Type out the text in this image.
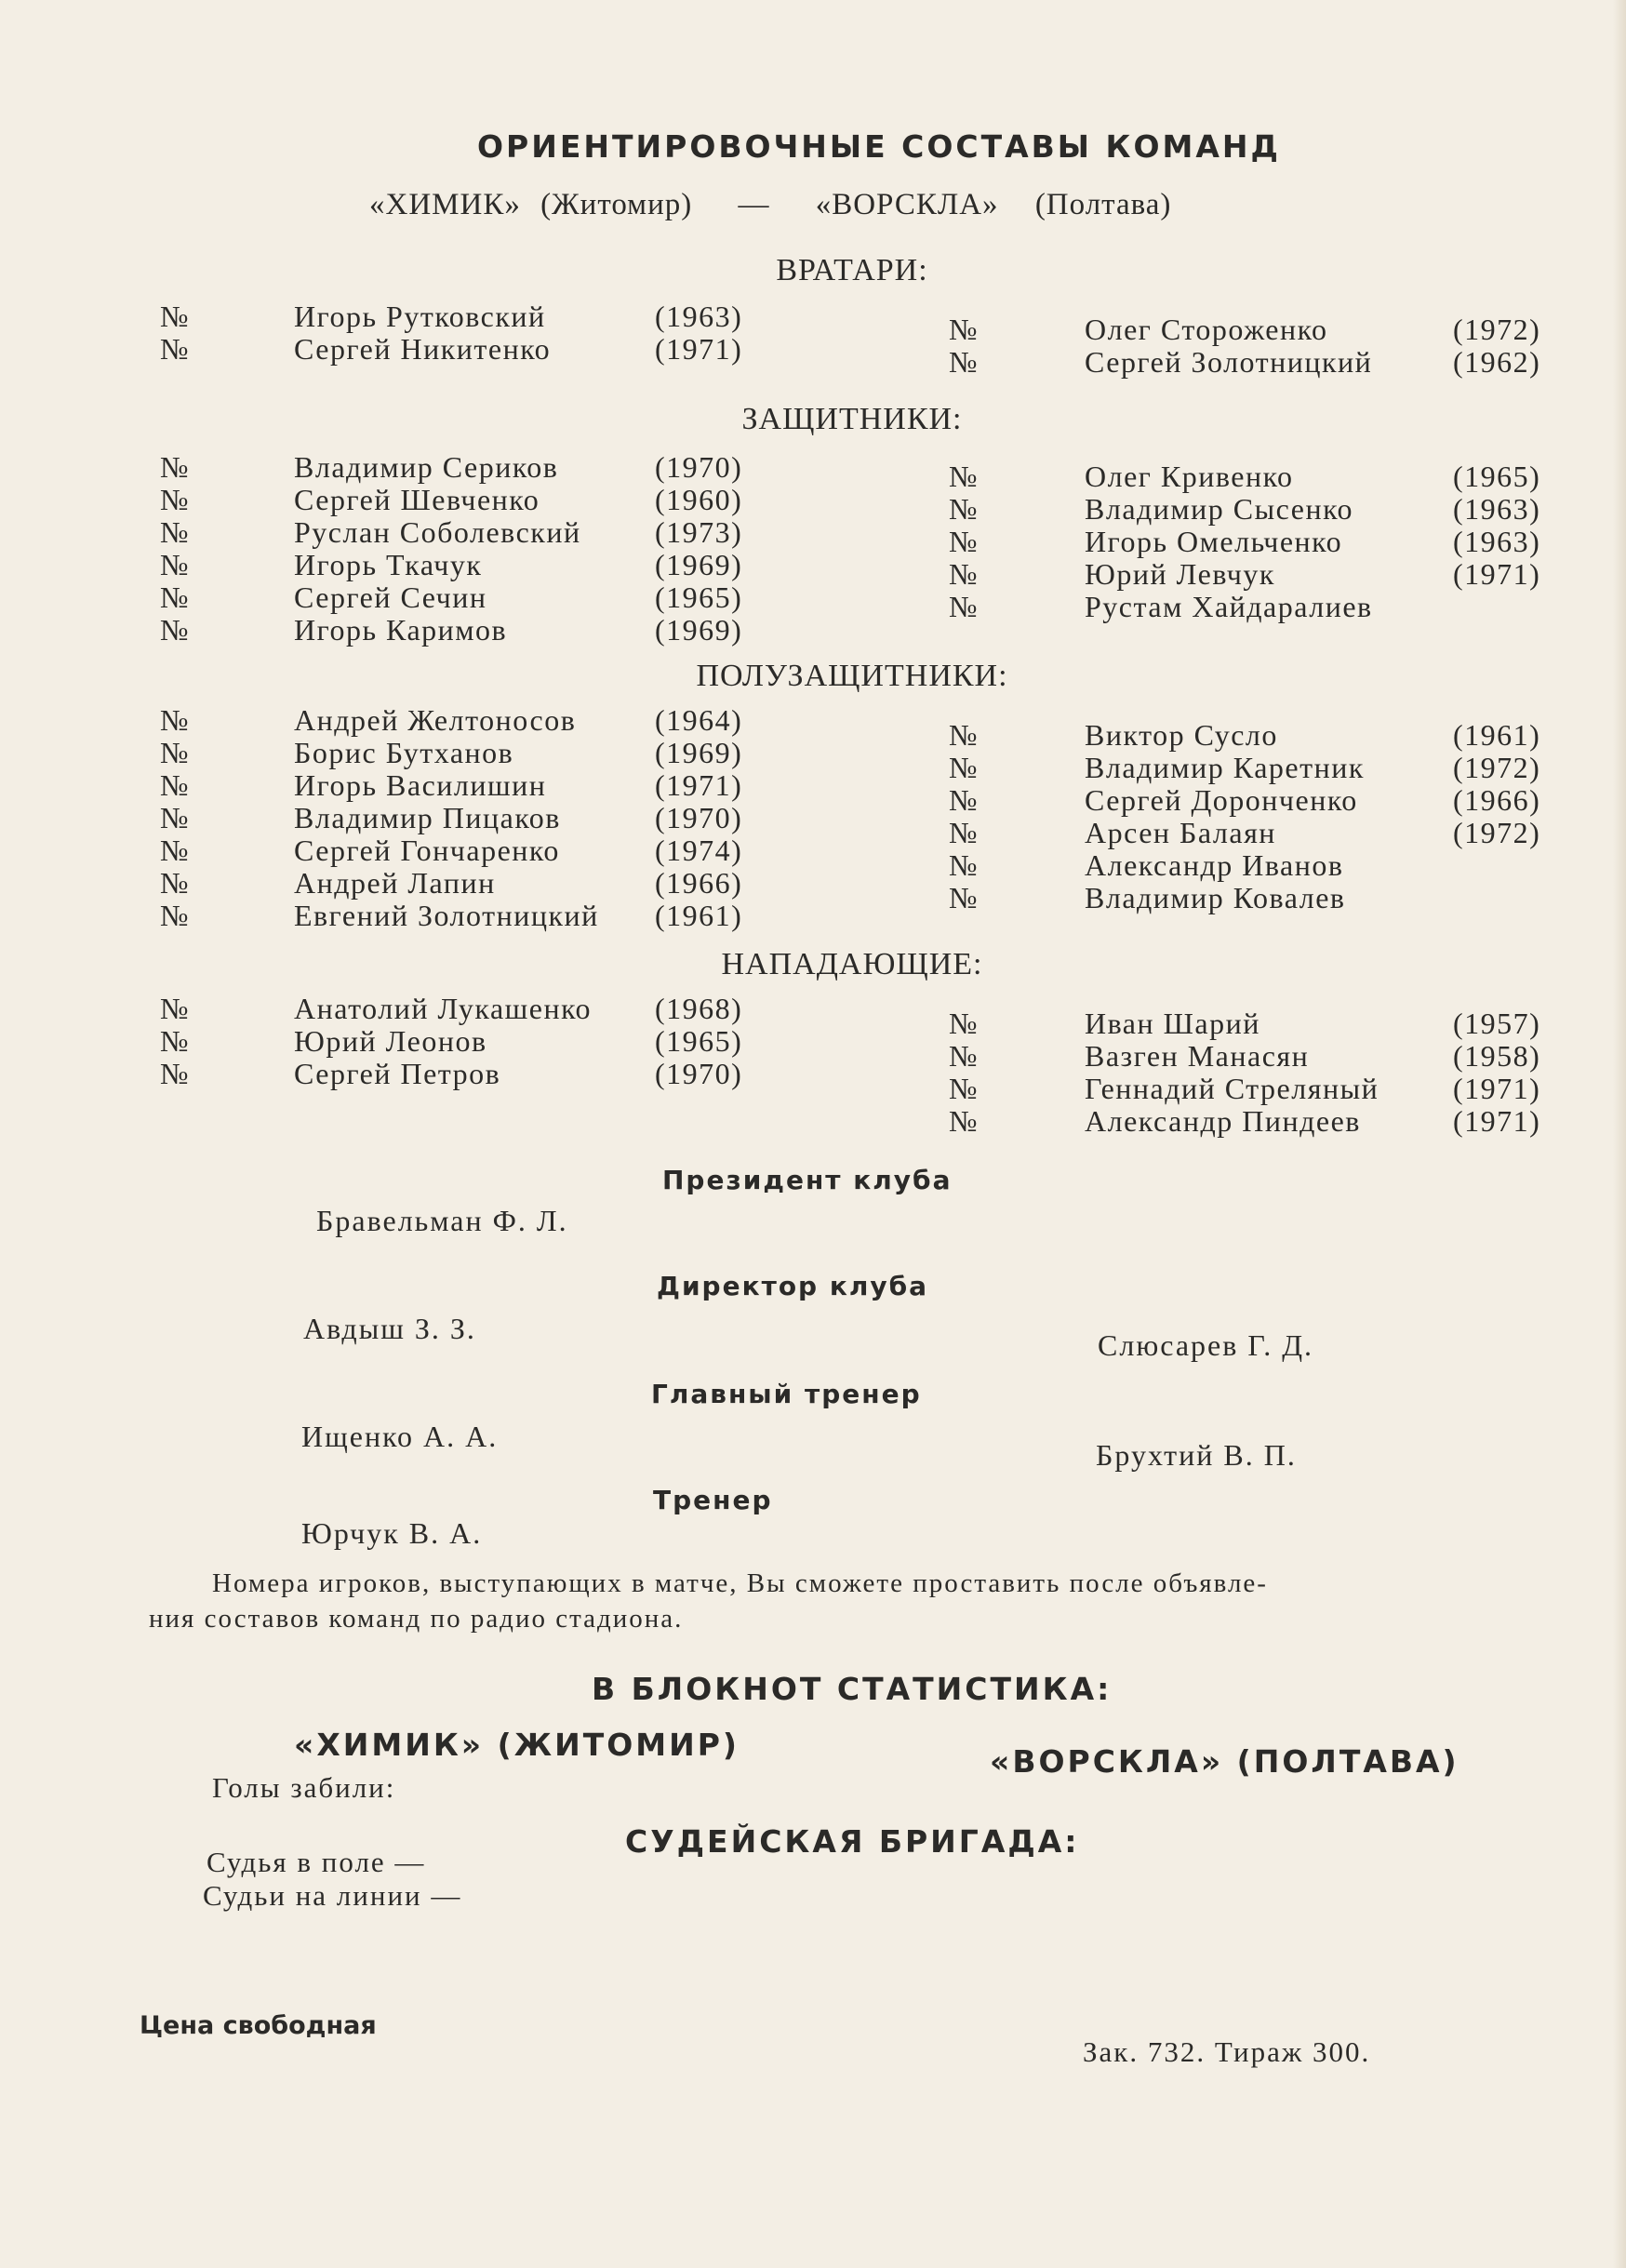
ОРИЕНТИРОВОЧНЫЕ СОСТАВЫ КОМАНД
«ХИМИК» (Житомир) — «ВОРСКЛА» (Полтава)
ВРАТАРИ:
ЗАЩИТНИКИ:
ПОЛУЗАЩИТНИКИ:
НАПАДАЮЩИЕ:
№	Игорь Рутковский	(1963)
№	Сергей Никитенко	(1971)
№	Олег Стороженко	(1972)
№	Сергей Золотницкий	(1962)
№	Владимир Сериков	(1970)
№	Сергей Шевченко	(1960)
№	Руслан Соболевский (1973)
№	Игорь Ткачук	(1969)
№	Сергей Сечин	(1965)
№	Игорь Каримов	(1969)
№	Олег Кривенко	(1965)
№	Владимир Сысенко	(1963)
№	Игорь Омельченко	(1963)
№	Юрий Левчук	(1971)
№	Рустам Хайдаралиев
№	Андрей Желтоносов	(1964)
№	Борис Бутханов	(1969)
№	Игорь Василишин	(1971)
№	Владимир Пицаков	(1970)
№	Сергей Гончаренко	(1974)
№	Андрей Лапин	(1966)
№	Евгений Золотницкий (1961)
№	Виктор Сусло	(1961)
№	Владимир Каретник	(1972)
№	Сергей Доронченко	(1966)
№	Арсен Балаян	(1972)
№	Александр Иванов
№	Владимир Ковалев
№	Анатолий Лукашенко (1968)
№	Юрий Леонов	(1965)
№	Сергей Петров	(1970)
№	Иван Шарий	(1957)
№	Вазген Манасян	(1958)
№	Геннадий Стреляный (1971)
№	Александр Пиндеев	(1971)
Президент клуба
Бравельман Ф. Л.
Директор клуба
Авдыш З. З.	Слюсарев Г. Д.
Главный тренер
Ищенко А. А.
Брухтий В. П.
Тренер
Юрчук В. А.
Номера игроков, выступающих в матче, Вы сможете проставить после объявле-
ния составов команд по радио стадиона.
В БЛОКНОТ СТАТИСТИКА:
«ХИМИК» (ЖИТОМИР)	«ВОРСКЛА» (ПОЛТАВА)
Голы забили:
СУДЕЙСКАЯ БРИГАДА:
Судья в поле —
Судьи на линии —
Цена свободная
Зак. 732. Тираж 300.
